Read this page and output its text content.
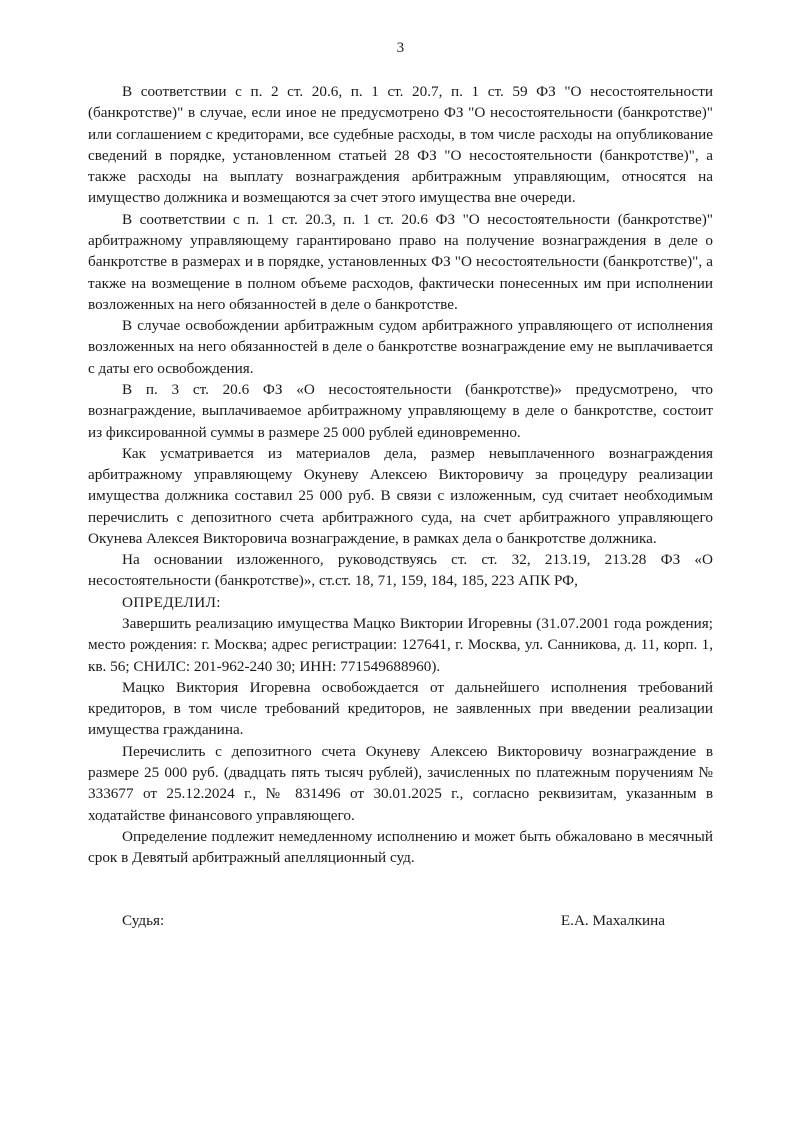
3

В соответствии с п. 2 ст. 20.6, п. 1 ст. 20.7, п. 1 ст. 59 ФЗ "О несостоятельности (банкротстве)" в случае, если иное не предусмотрено ФЗ "О несостоятельности (банкротстве)" или соглашением с кредиторами, все судебные расходы, в том числе расходы на опубликование сведений в порядке, установленном статьей 28 ФЗ "О несостоятельности (банкротстве)", а также расходы на выплату вознаграждения арбитражным управляющим, относятся на имущество должника и возмещаются за счет этого имущества вне очереди.

В соответствии с п. 1 ст. 20.3, п. 1 ст. 20.6 ФЗ "О несостоятельности (банкротстве)" арбитражному управляющему гарантировано право на получение вознаграждения в деле о банкротстве в размерах и в порядке, установленных ФЗ "О несостоятельности (банкротстве)", а также на возмещение в полном объеме расходов, фактически понесенных им при исполнении возложенных на него обязанностей в деле о банкротстве.

В случае освобождении арбитражным судом арбитражного управляющего от исполнения возложенных на него обязанностей в деле о банкротстве вознаграждение ему не выплачивается с даты его освобождения.

В п. 3 ст. 20.6 ФЗ «О несостоятельности (банкротстве)» предусмотрено, что вознаграждение, выплачиваемое арбитражному управляющему в деле о банкротстве, состоит из фиксированной суммы в размере 25 000 рублей единовременно.

Как усматривается из материалов дела, размер невыплаченного вознаграждения арбитражному управляющему Окуневу Алексею Викторовичу за процедуру реализации имущества должника составил 25 000 руб. В связи с изложенным, суд считает необходимым перечислить с депозитного счета арбитражного суда, на счет арбитражного управляющего Окунева Алексея Викторовича вознаграждение, в рамках дела о банкротстве должника.

На основании изложенного, руководствуясь ст. ст. 32, 213.19, 213.28 ФЗ «О несостоятельности (банкротстве)», ст.ст. 18, 71, 159, 184, 185, 223 АПК РФ,

ОПРЕДЕЛИЛ:

Завершить реализацию имущества Мацко Виктории Игоревны (31.07.2001 года рождения; место рождения: г. Москва; адрес регистрации: 127641, г. Москва, ул. Санникова, д. 11, корп. 1, кв. 56; СНИЛС: 201-962-240 30; ИНН: 771549688960).

Мацко Виктория Игоревна освобождается от дальнейшего исполнения требований кредиторов, в том числе требований кредиторов, не заявленных при введении реализации имущества гражданина.

Перечислить с депозитного счета Окуневу Алексею Викторовичу вознаграждение в размере 25 000 руб. (двадцать пять тысяч рублей), зачисленных по платежным поручениям № 333677 от 25.12.2024 г., № 831496 от 30.01.2025 г., согласно реквизитам, указанным в ходатайстве финансового управляющего.

Определение подлежит немедленному исполнению и может быть обжаловано в месячный срок в Девятый арбитражный апелляционный суд.

Судья:	Е.А. Махалкина
